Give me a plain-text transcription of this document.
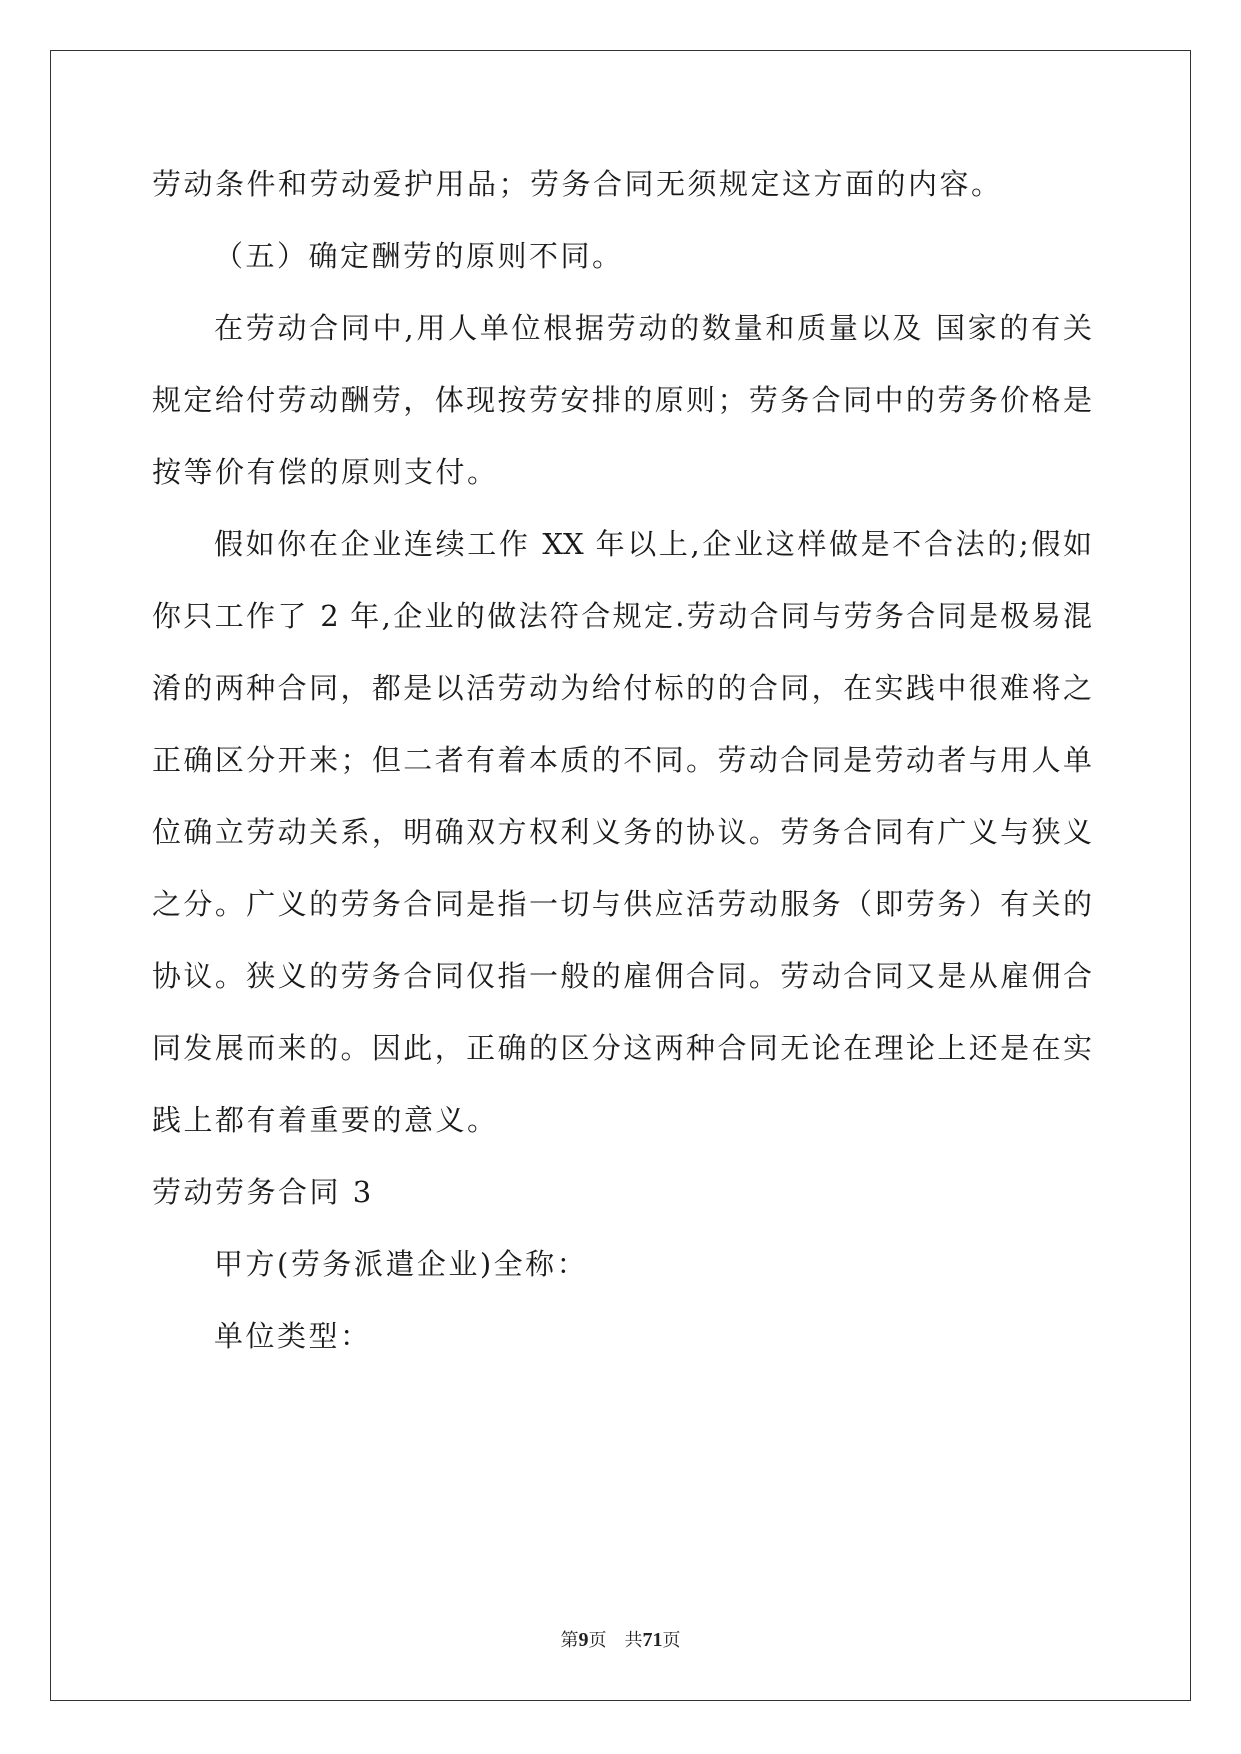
劳动条件和劳动爱护用品；劳务合同无须规定这方面的内容。
（五）确定酬劳的原则不同。
在劳动合同中,用人单位根据劳动的数量和质量以及 国家的有关
规定给付劳动酬劳，体现按劳安排的原则；劳务合同中的劳务价格是
按等价有偿的原则支付。
假如你在企业连续工作 XX 年以上,企业这样做是不合法的;假如
你只工作了 2 年,企业的做法符合规定.劳动合同与劳务合同是极易混
淆的两种合同，都是以活劳动为给付标的的合同，在实践中很难将之
正确区分开来；但二者有着本质的不同。劳动合同是劳动者与用人单
位确立劳动关系，明确双方权利义务的协议。劳务合同有广义与狭义
之分。广义的劳务合同是指一切与供应活劳动服务（即劳务）有关的
协议。狭义的劳务合同仅指一般的雇佣合同。劳动合同又是从雇佣合
同发展而来的。因此，正确的区分这两种合同无论在理论上还是在实
践上都有着重要的意义。
劳动劳务合同 3
甲方(劳务派遣企业)全称：
单位类型：
第9页 共71页
